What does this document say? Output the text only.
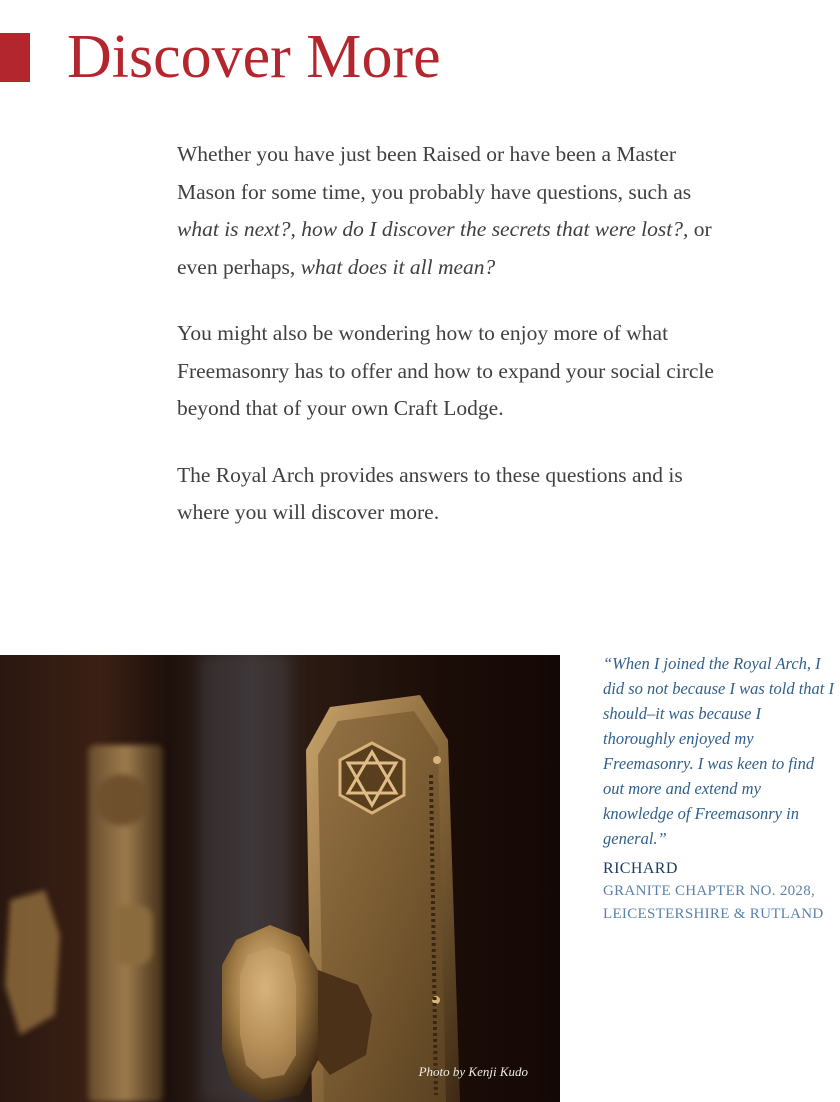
Discover More

Whether you have just been Raised or have been a Master Mason for some time, you probably have questions, such as what is next?, how do I discover the secrets that were lost?, or even perhaps, what does it all mean?

You might also be wondering how to enjoy more of what Freemasonry has to offer and how to expand your social circle beyond that of your own Craft Lodge.

The Royal Arch provides answers to these questions and is where you will discover more.

Photo by Kenji Kudo

“When I joined the Royal Arch, I did so not because I was told that I should–it was because I thoroughly enjoyed my Freemasonry. I was keen to find out more and extend my knowledge of Freemasonry in general.”

RICHARD
GRANITE CHAPTER NO. 2028, LEICESTERSHIRE & RUTLAND
